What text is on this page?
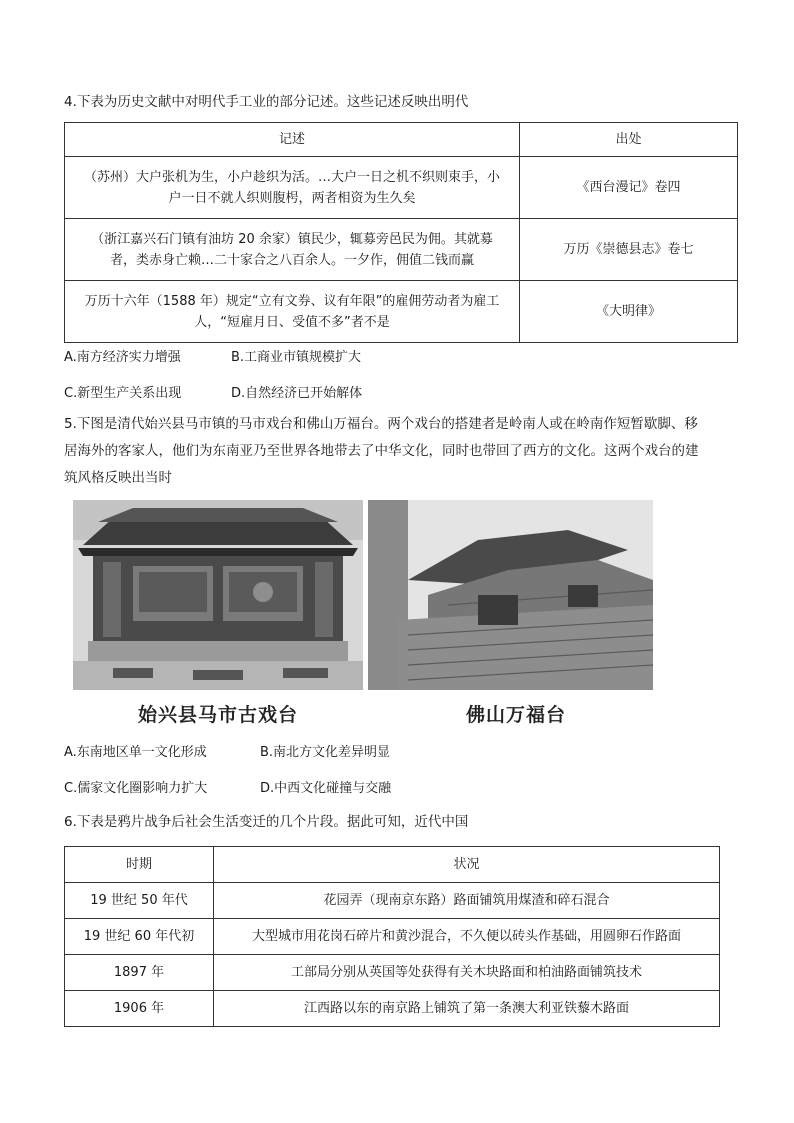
4.下表为历史文献中对明代手工业的部分记述。这些记述反映出明代
记述	出处
（苏州）大户张机为生，小户趁织为活。…大户一日之机不织则束手，小户一日不就人织则腹枵，两者相资为生久矣	《西台漫记》卷四
（浙江嘉兴石门镇有油坊 20 余家）镇民少，辄募旁邑民为佣。其就募者，类赤身亡赖…二十家合之八百余人。一夕作，佣值二钱而赢	万历《崇德县志》卷七
万历十六年（1588 年）规定“立有文券、议有年限”的雇佣劳动者为雇工人，“短雇月日、受值不多”者不是	《大明律》
A.南方经济实力增强	B.工商业市镇规模扩大
C.新型生产关系出现	D.自然经济已开始解体
5.下图是清代始兴县马市镇的马市戏台和佛山万福台。两个戏台的搭建者是岭南人或在岭南作短暂歇脚、移
居海外的客家人，他们为东南亚乃至世界各地带去了中华文化，同时也带回了西方的文化。这两个戏台的建
筑风格反映出当时
始兴县马市古戏台	佛山万福台
A.东南地区单一文化形成	B.南北方文化差异明显
C.儒家文化圈影响力扩大	D.中西文化碰撞与交融
6.下表是鸦片战争后社会生活变迁的几个片段。据此可知，近代中国
时期	状况
19 世纪 50 年代	花园弄（现南京东路）路面铺筑用煤渣和碎石混合
19 世纪 60 年代初	大型城市用花岗石碎片和黄沙混合，不久便以砖头作基础，用圆卵石作路面
1897 年	工部局分别从英国等处获得有关木块路面和柏油路面铺筑技术
1906 年	江西路以东的南京路上铺筑了第一条澳大利亚铁藜木路面
